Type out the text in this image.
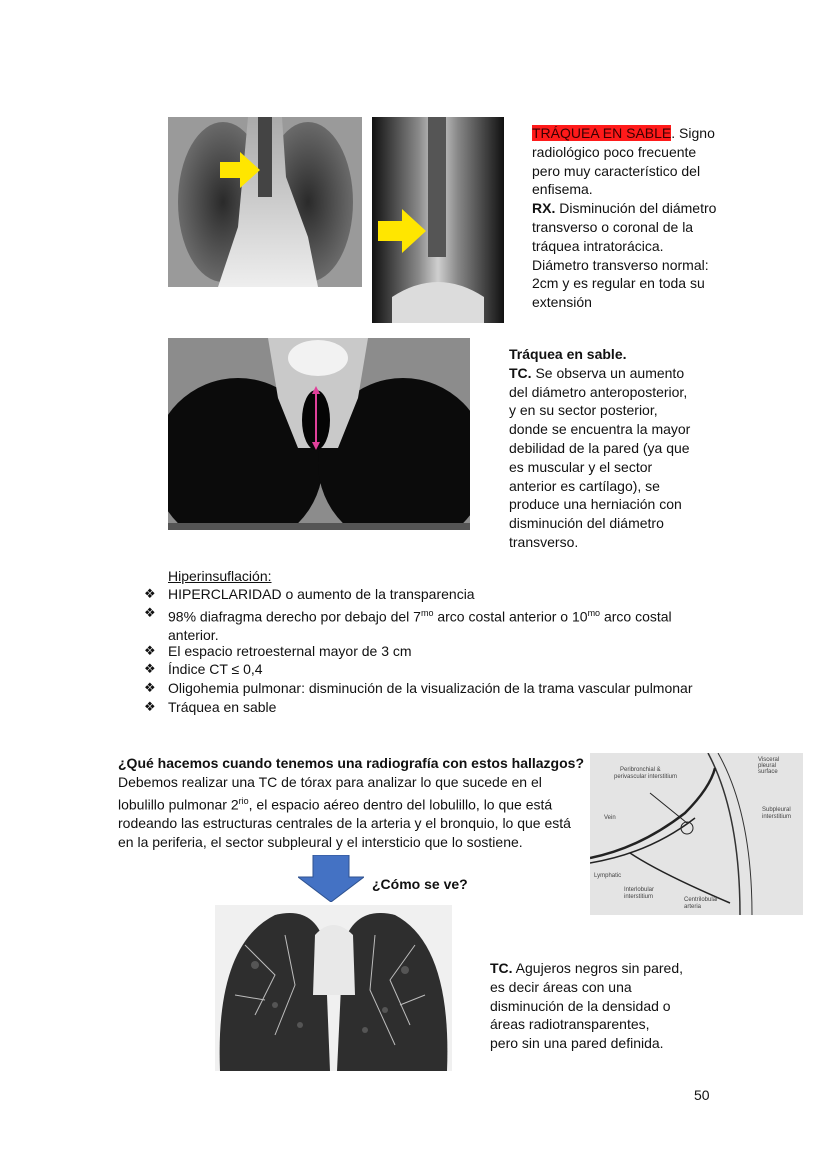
TRÁQUEA EN SABLE. Signo
radiológico poco frecuente
pero muy característico del
enfisema.
RX. Disminución del diámetro
transverso o coronal de la
tráquea intratorácica.
Diámetro transverso normal:
2cm y es regular en toda su
extensión
Tráquea en sable.
TC. Se observa un aumento
del diámetro anteroposterior,
y en su sector posterior,
donde se encuentra la mayor
debilidad de la pared (ya que
es muscular y el sector
anterior es cartílago), se
produce una herniación con
disminución del diámetro
transverso.
Hiperinsuflación:
❖ HIPERCLARIDAD o aumento de la transparencia
❖ 98% diafragma derecho por debajo del $7^{mo}$ arco costal anterior o $10^{mo}$ arco costal
anterior.
❖ El espacio retroesternal mayor de 3 cm
❖ Índice CT ≤ 0,4
❖ Oligohemia pulmonar: disminución de la visualización de la trama vascular pulmonar
❖ Tráquea en sable
¿Qué hacemos cuando tenemos una radiografía con estos hallazgos?
Debemos realizar una TC de tórax para analizar lo que sucede en el
lobulillo pulmonar $2^{rio}$, el espacio aéreo dentro del lobulillo, lo que está
rodeando las estructuras centrales de la arteria y el bronquio, lo que está
en la periferia, el sector subpleural y el intersticio que lo sostiene.
Peribronchial &
perivascular interstitium
Visceral
pleural
surface
Subpleural
interstitium
Vein
Lymphatic
Interlobular
interstitium	Centrilobular
arteria
¿Cómo se ve?
TC. Agujeros negros sin pared,
es decir áreas con una
disminución de la densidad o
áreas radiotransparentes,
pero sin una pared definida.
50
